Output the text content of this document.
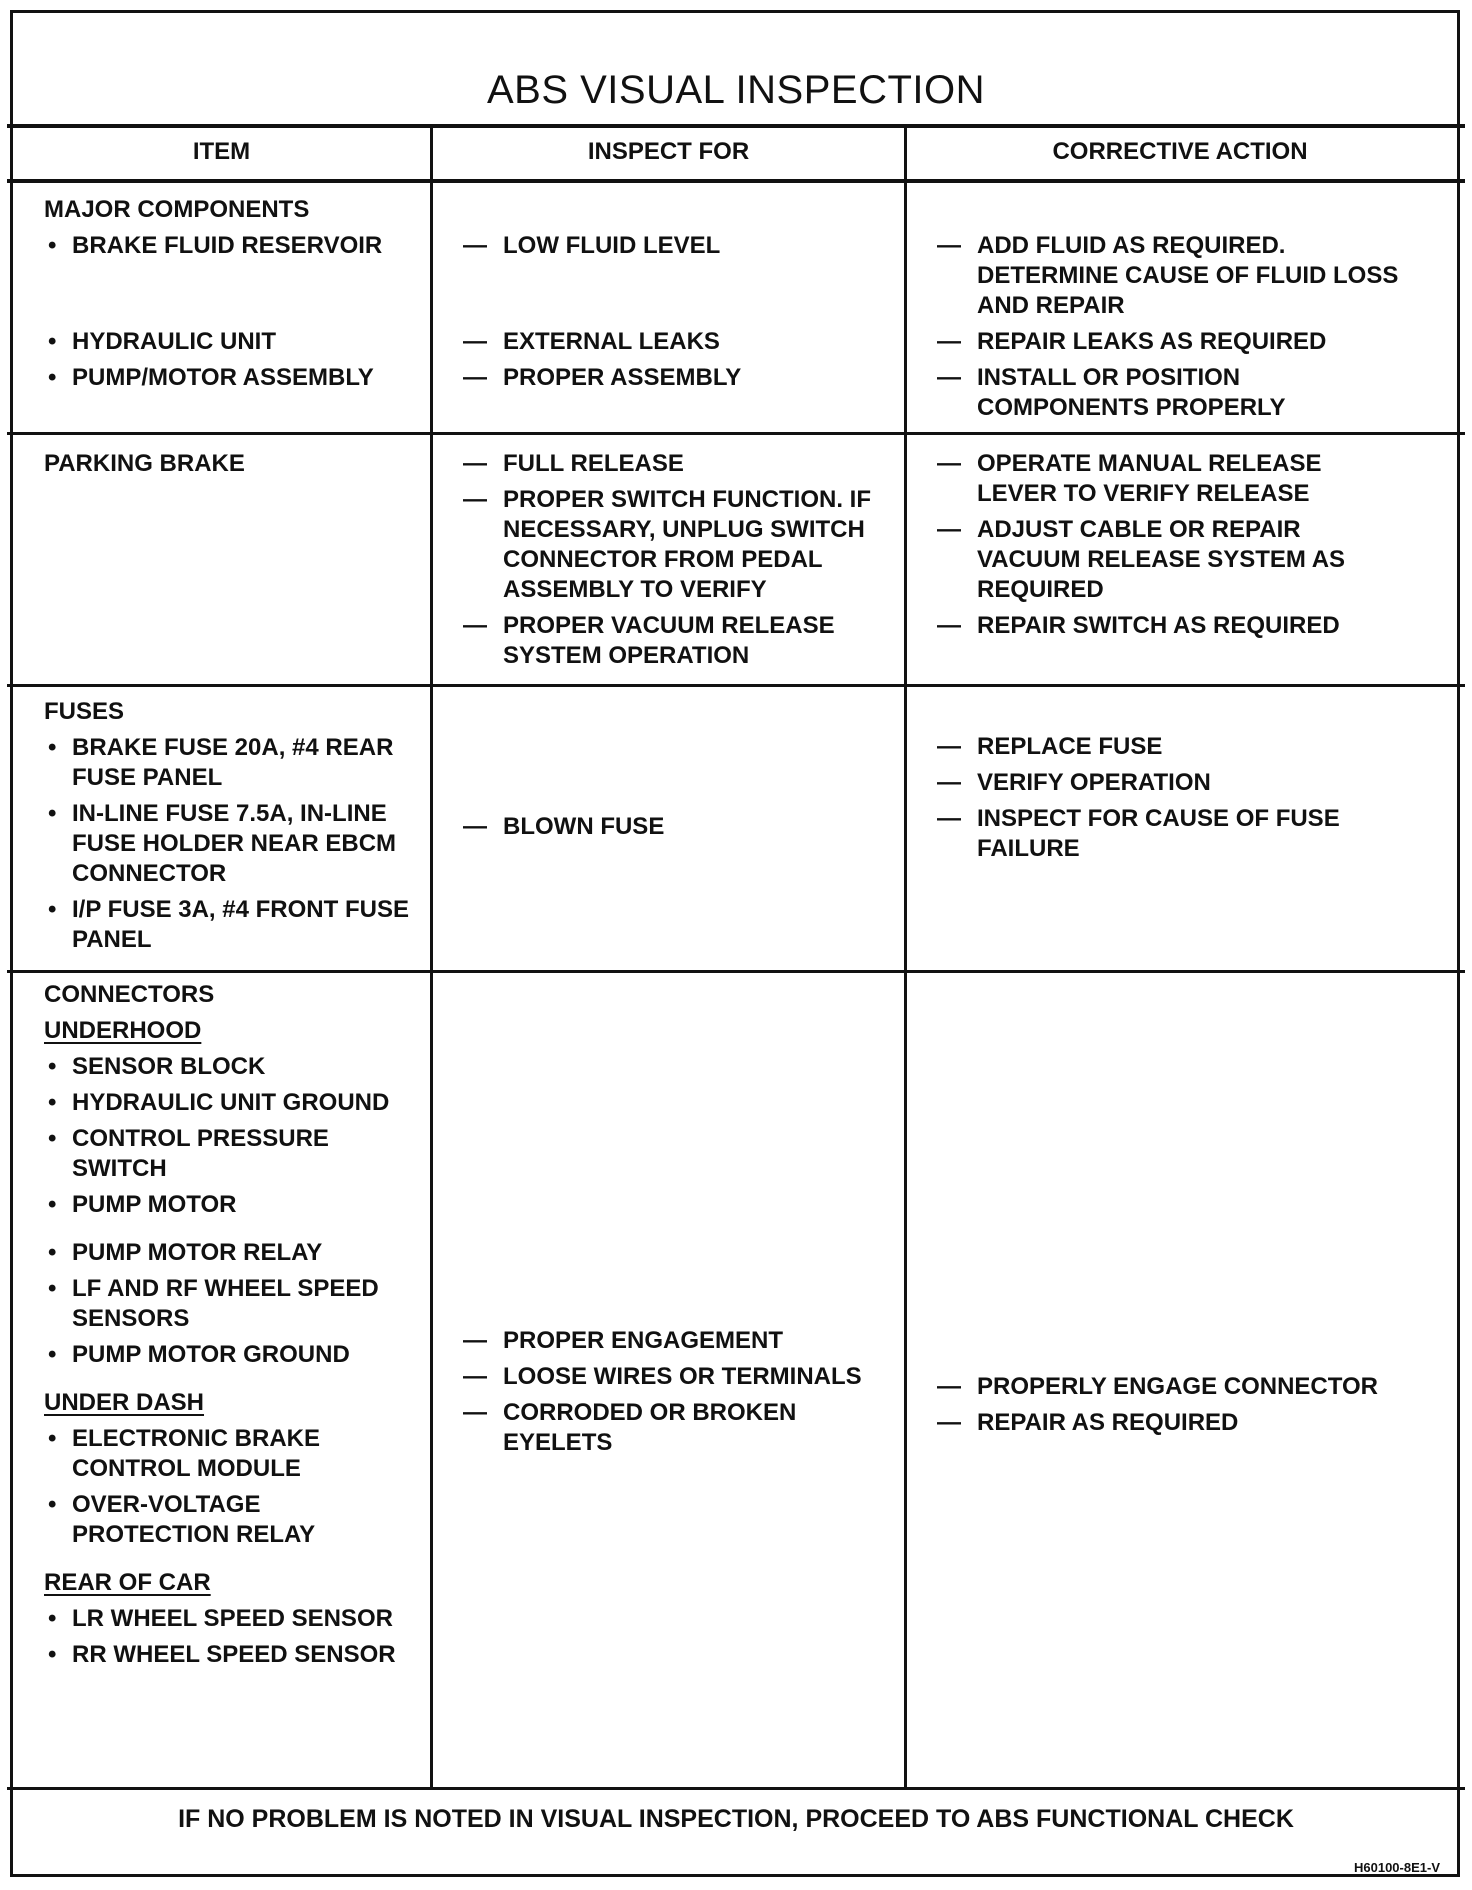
ABS VISUAL INSPECTION
ITEM	INSPECT FOR	CORRECTIVE ACTION
MAJOR COMPONENTS
• BRAKE FLUID RESERVOIR
• HYDRAULIC UNIT
• PUMP/MOTOR ASSEMBLY
— LOW FLUID LEVEL
— EXTERNAL LEAKS
— PROPER ASSEMBLY
— ADD FLUID AS REQUIRED. DETERMINE CAUSE OF FLUID LOSS AND REPAIR
— REPAIR LEAKS AS REQUIRED
— INSTALL OR POSITION COMPONENTS PROPERLY
PARKING BRAKE
—	FULL RELEASE
— PROPER SWITCH FUNCTION. IF NECESSARY, UNPLUG SWITCH CONNECTOR FROM PEDAL ASSEMBLY TO VERIFY
— PROPER VACUUM RELEASE SYSTEM OPERATION
— OPERATE MANUAL RELEASE LEVER TO VERIFY RELEASE
— ADJUST CABLE OR REPAIR VACUUM RELEASE SYSTEM AS REQUIRED
— REPAIR SWITCH AS REQUIRED
FUSES
• BRAKE FUSE 20A, #4 REAR FUSE PANEL
• IN-LINE FUSE 7.5A, IN-LINE FUSE HOLDER NEAR EBCM CONNECTOR
• I/P FUSE 3A, #4 FRONT FUSE PANEL
— BLOWN FUSE
— REPLACE FUSE
— VERIFY OPERATION
— INSPECT FOR CAUSE OF FUSE FAILURE
CONNECTORS
UNDERHOOD
• SENSOR BLOCK
• HYDRAULIC UNIT GROUND
• CONTROL PRESSURE SWITCH
• PUMP MOTOR
• PUMP MOTOR RELAY
• LF AND RF WHEEL SPEED SENSORS
• PUMP MOTOR GROUND
UNDER DASH
• ELECTRONIC BRAKE CONTROL MODULE
• OVER-VOLTAGE PROTECTION RELAY
REAR OF CAR
• LR WHEEL SPEED SENSOR
• RR WHEEL SPEED SENSOR
— PROPER ENGAGEMENT
— LOOSE WIRES OR TERMINALS
— CORRODED OR BROKEN EYELETS
— PROPERLY ENGAGE CONNECTOR
— REPAIR AS REQUIRED
IF NO PROBLEM IS NOTED IN VISUAL INSPECTION, PROCEED TO ABS FUNCTIONAL CHECK
H60100-8E1-V
